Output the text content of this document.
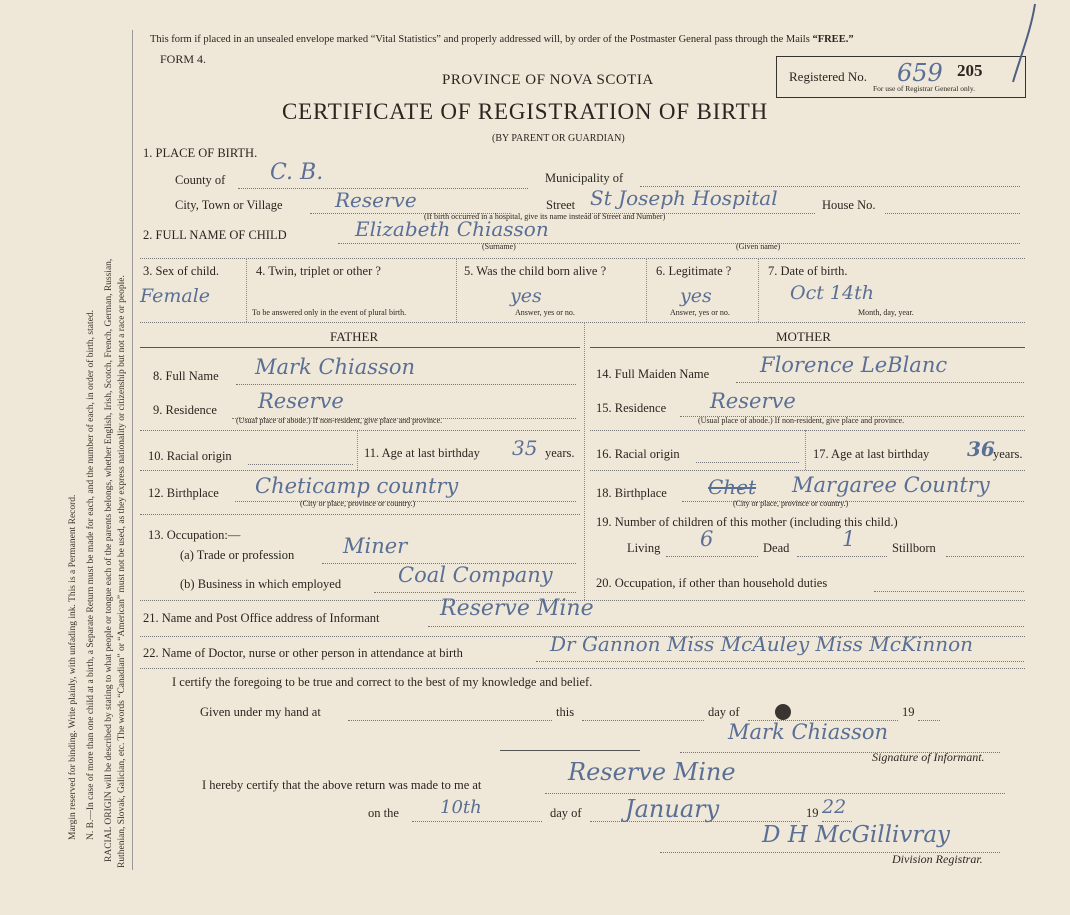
Margin reserved for binding. Write plainly, with unfading ink. This is a Permanent Record. N. B.—In case of more than one child at a birth, a Separate Return must be made for each, and the number of each, in order of birth, stated. RACIAL ORIGIN will be described by stating to what people or tongue each of the parents belongs, whether English, Irish, Scotch, French, German, Russian, Ruthenian, Slovak, Galician, etc. The words “Canadian” or “American” must not be used, as they express nationality or citizenship but not a race or people.
This form if placed in an unsealed envelope marked “Vital Statistics” and properly addressed will, by order of the Postmaster General pass through the Mails “FREE.”
FORM 4.
PROVINCE OF NOVA SCOTIA
CERTIFICATE OF REGISTRATION OF BIRTH
(BY PARENT OR GUARDIAN)
Registered No. 659 205
For use of Registrar General only.
1. PLACE OF BIRTH.
County of C. B.	Municipality of
City, Town or Village	Reserve	Street St Joseph Hospital	House No.
(If birth occurred in a hospital, give its name instead of Street and Number)
2. FULL NAME OF CHILD	Elizabeth Chiasson
(Surname)	(Given name)
3. Sex of child.
Female
4. Twin, triplet or other ?
To be answered only in the event of plural birth.
5. Was the child born alive ?
yes
Answer, yes or no.
6. Legitimate ?
yes
Answer, yes or no.
7. Date of birth.
Oct 14th
Month, day, year.
FATHER	MOTHER
8. Full Name Mark Chiasson
9. Residence Reserve
(Usual place of abode.) If non-resident, give place and province.
10. Racial origin	11. Age at last birthday 35 years.
12. Birthplace Cheticamp country
(City or place, province or country.)
13. Occupation:—
(a) Trade or profession Miner
(b) Business in which employed	Coal Company
14. Full Maiden Name Florence LeBlanc
15. Residence Reserve
(Usual place of abode.) If non-resident, give place and province.
16. Racial origin	17. Age at last birthday 36
years.
18. Birthplace Chet Margaree Country
(City or place, province or country.)
19. Number of children of this mother (including this child.)
Living 6	Dead	1	Stillborn
20. Occupation, if other than household duties
21. Name and Post Office address of Informant	Reserve Mine
22. Name of Doctor, nurse or other person in attendance at birth	Dr Gannon Miss McAuley Miss McKinnon
I certify the foregoing to be true and correct to the best of my knowledge and belief.
Given under my hand at	this	day of	19
Mark Chiasson
Signature of Informant.
I hereby certify that the above return was made to me at	Reserve Mine
on the 10th	day of January	19 22
D H McGillivray
Division Registrar.
